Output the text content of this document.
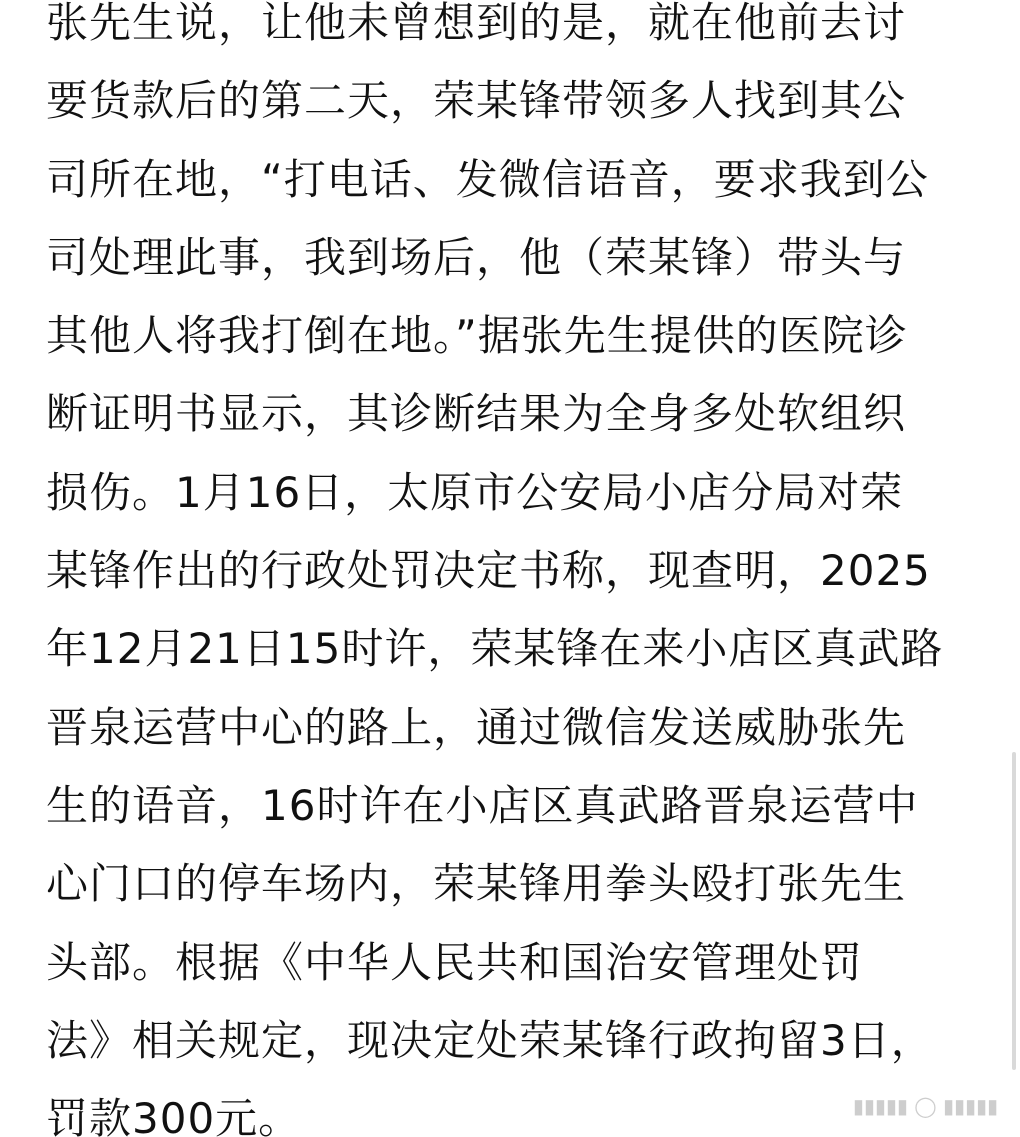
张先生说，让他未曾想到的是，就在他前去讨
要货款后的第二天，荣某锋带领多人找到其公
司所在地，“打电话、发微信语音，要求我到公
司处理此事，我到场后，他（荣某锋）带头与
其他人将我打倒在地。”据张先生提供的医院诊
断证明书显示，其诊断结果为全身多处软组织
损伤。1月16日，太原市公安局小店分局对荣
某锋作出的行政处罚决定书称，现查明，2025
年12月21日15时许，荣某锋在来小店区真武路
晋泉运营中心的路上，通过微信发送威胁张先
生的语音，16时许在小店区真武路晋泉运营中
心门口的停车场内，荣某锋用拳头殴打张先生
头部。根据《中华人民共和国治安管理处罚
法》相关规定，现决定处荣某锋行政拘留3日，
罚款300元。	▮▮▮▮▮ ◯ ▮▮▮▮▮
